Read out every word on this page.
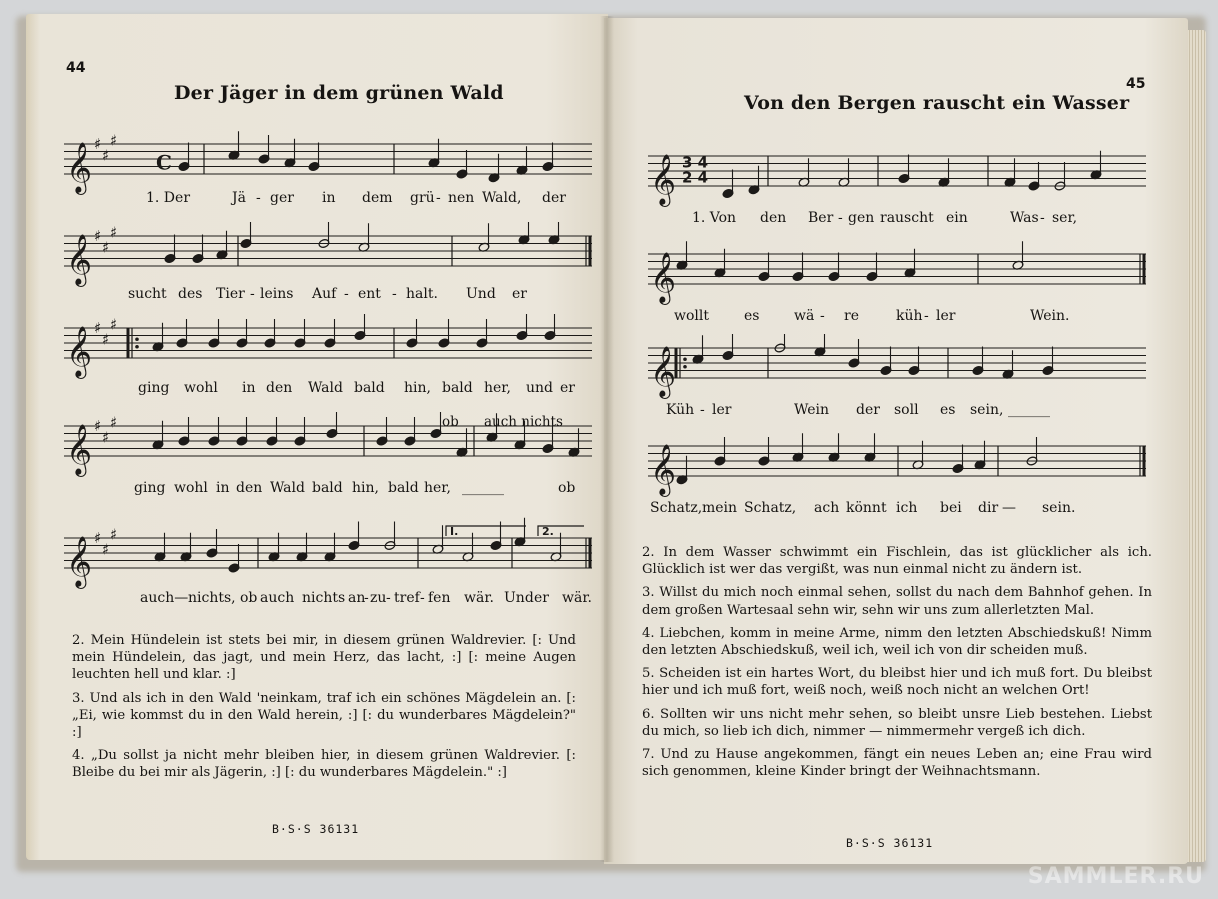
44
Der Jäger in dem grünen Wald
𝄞 ♯
♯
♯
C
1. Der	Jä - ger in dem grü - nen Wald, der
𝄞 ♯
♯
♯
sucht des Tier - leins Auf - ent - halt. Und er
𝄞 ♯
♯
♯
ging wohl in den Wald bald hin, bald her, und er
ob	auch nichts
𝄞 ♯
♯
♯
ging wohl in den Wald bald hin, bald her, ______	ob
𝄞 ♯
♯
♯	I.	2.
auch— nichts, ob auch nichts an
- zu - tref - fen wär. Und er wär.

2. Mein Hündelein ist stets bei mir, in diesem grünen Waldrevier. [: Und mein Hündelein, das jagt, und mein Herz, das lacht, :] [: meine Augen leuchten hell und klar. :]

3. Und als ich in den Wald 'neinkam, traf ich ein schönes Mägdelein an. [: „Ei, wie kommst du in den Wald herein, :] [: du wunderbares Mägdelein?" :]

4. „Du sollst ja nicht mehr bleiben hier, in diesem grünen Waldrevier. [: Bleibe du bei mir als Jägerin, :] [: du wunderbares Mägdelein." :]

B·S·S 36131
45
Von den Bergen rauscht ein Wasser
𝄞 3 4
2 4
1. Von den Ber - gen rauscht ein	Was - ser,
𝄞
wollt	es wä - re	küh - ler	Wein.
𝄞
Küh - ler	Wein der soll es sein, ______
𝄞
Schatz, mein Schatz, ach könnt ich bei dir — sein.

2. In dem Wasser schwimmt ein Fischlein, das ist glücklicher als ich. Glücklich ist wer das vergißt, was nun einmal nicht zu ändern ist.

3. Willst du mich noch einmal sehen, sollst du nach dem Bahnhof gehen. In dem großen Wartesaal sehn wir, sehn wir uns zum allerletzten Mal.

4. Liebchen, komm in meine Arme, nimm den letzten Abschiedskuß! Nimm den letzten Abschiedskuß, weil ich, weil ich von dir scheiden muß.

5. Scheiden ist ein hartes Wort, du bleibst hier und ich muß fort. Du bleibst hier und ich muß fort, weiß noch, weiß noch nicht an welchen Ort!

6. Sollten wir uns nicht mehr sehen, so bleibt unsre Lieb bestehen. Liebst du mich, so lieb ich dich, nimmer — nimmermehr vergeß ich dich.

7. Und zu Hause angekommen, fängt ein neues Leben an; eine Frau wird sich genommen, kleine Kinder bringt der Weihnachtsmann.

B·S·S 36131
SAMMLER.RU
